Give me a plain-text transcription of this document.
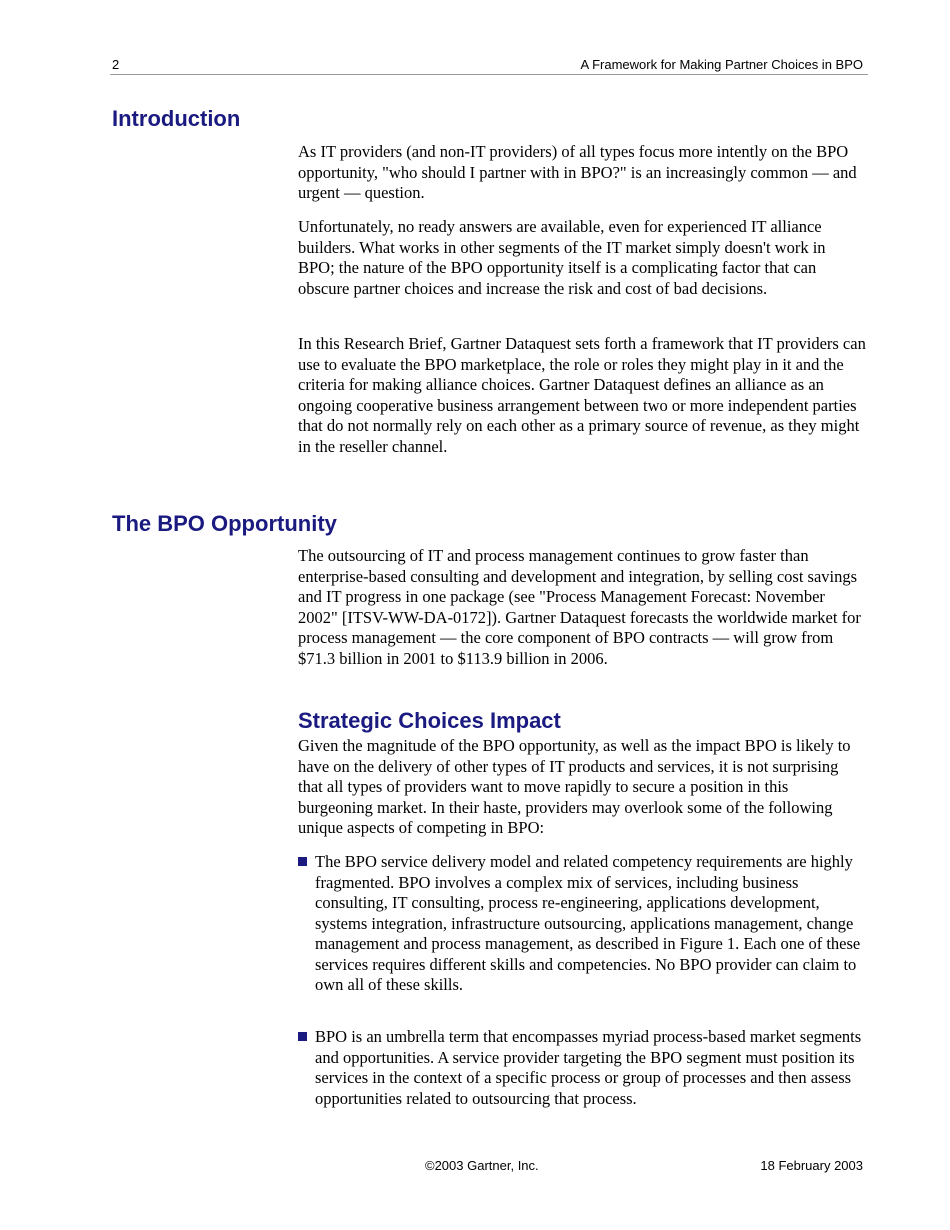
2	A Framework for Making Partner Choices in BPO
Introduction

As IT providers (and non-IT providers) of all types focus more intently on the BPO opportunity, "who should I partner with in BPO?" is an increasingly common — and urgent — question.

Unfortunately, no ready answers are available, even for experienced IT alliance builders. What works in other segments of the IT market simply doesn't work in BPO; the nature of the BPO opportunity itself is a complicating factor that can obscure partner choices and increase the risk and cost of bad decisions.

In this Research Brief, Gartner Dataquest sets forth a framework that IT providers can use to evaluate the BPO marketplace, the role or roles they might play in it and the criteria for making alliance choices. Gartner Dataquest defines an alliance as an ongoing cooperative business arrangement between two or more independent parties that do not normally rely on each other as a primary source of revenue, as they might in the reseller channel.

The BPO Opportunity

The outsourcing of IT and process management continues to grow faster than enterprise-based consulting and development and integration, by selling cost savings and IT progress in one package (see "Process Management Forecast: November 2002" [ITSV-WW-DA-0172]). Gartner Dataquest forecasts the worldwide market for process management — the core component of BPO contracts — will grow from $71.3 billion in 2001 to $113.9 billion in 2006.

Strategic Choices Impact

Given the magnitude of the BPO opportunity, as well as the impact BPO is likely to have on the delivery of other types of IT products and services, it is not surprising that all types of providers want to move rapidly to secure a position in this burgeoning market. In their haste, providers may overlook some of the following unique aspects of competing in BPO:

The BPO service delivery model and related competency requirements are highly fragmented. BPO involves a complex mix of services, including business consulting, IT consulting, process re-engineering, applications development, systems integration, infrastructure outsourcing, applications management, change management and process management, as described in Figure 1. Each one of these services requires different skills and competencies. No BPO provider can claim to own all of these skills.
BPO is an umbrella term that encompasses myriad process-based market segments and opportunities. A service provider targeting the BPO segment must position its services in the context of a specific process or group of processes and then assess opportunities related to outsourcing that process.
©2003 Gartner, Inc.	18 February 2003
